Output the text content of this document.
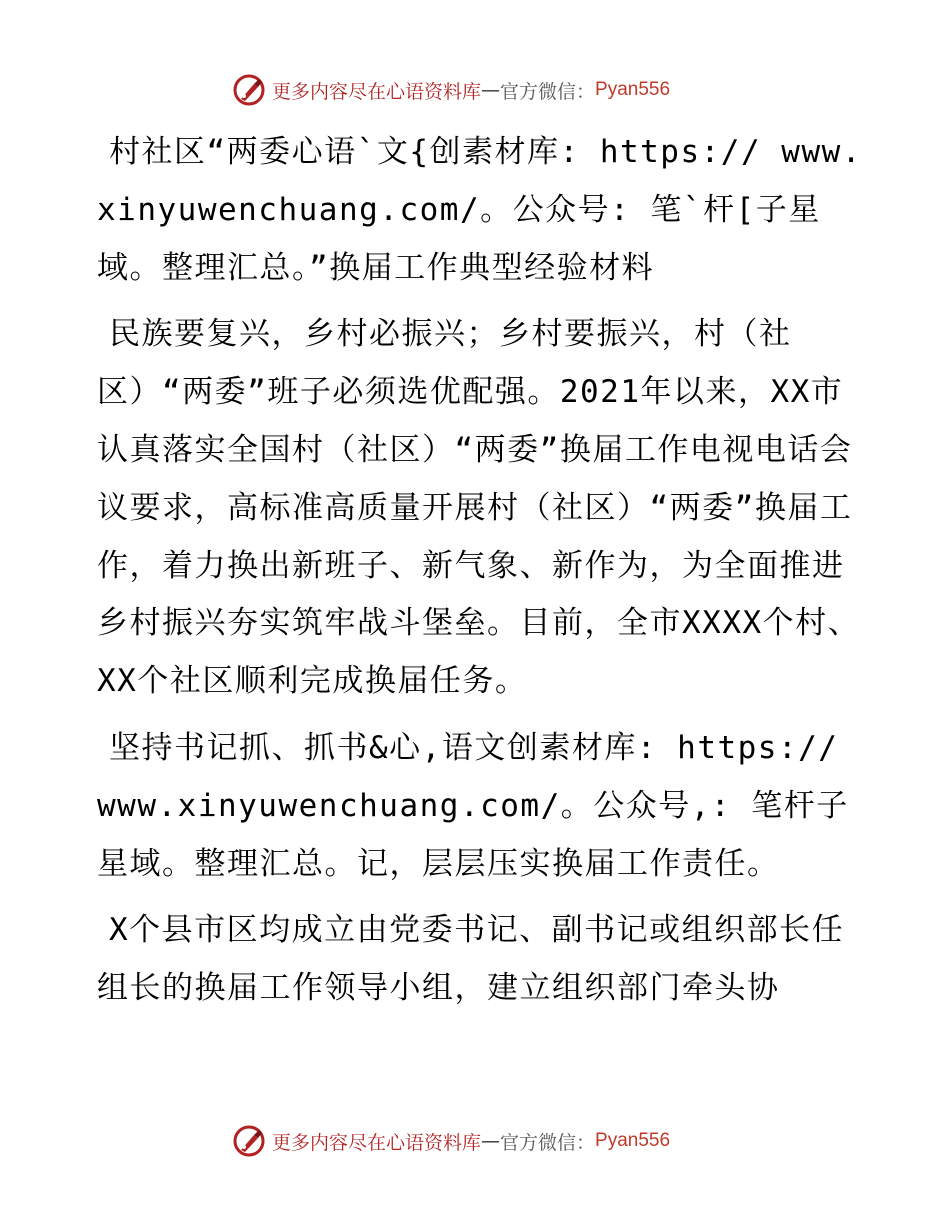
更多内容尽在心语资料库 — 官方微信： Pyan556

村社区“两委心语`文{创素材库: https:// www.xinyuwenchuang.com/。公众号: 笔`杆[子星域。整理汇总。”换届工作典型经验材料

民族要复兴，乡村必振兴；乡村要振兴，村（社区）“两委”班子必须选优配强。2021年以来，XX市认真落实全国村（社区）“两委”换届工作电视电话会议要求，高标准高质量开展村（社区）“两委”换届工作，着力换出新班子、新气象、新作为，为全面推进乡村振兴夯实筑牢战斗堡垒。目前，全市XXXX个村、XX个社区顺利完成换届任务。

坚持书记抓、抓书&心,语文创素材库: https:// www.xinyuwenchuang.com/。公众号,: 笔杆子星域。整理汇总。记，层层压实换届工作责任。

X个县市区均成立由党委书记、副书记或组织部长任组长的换届工作领导小组，建立组织部门牵头协

更多内容尽在心语资料库 — 官方微信： Pyan556
